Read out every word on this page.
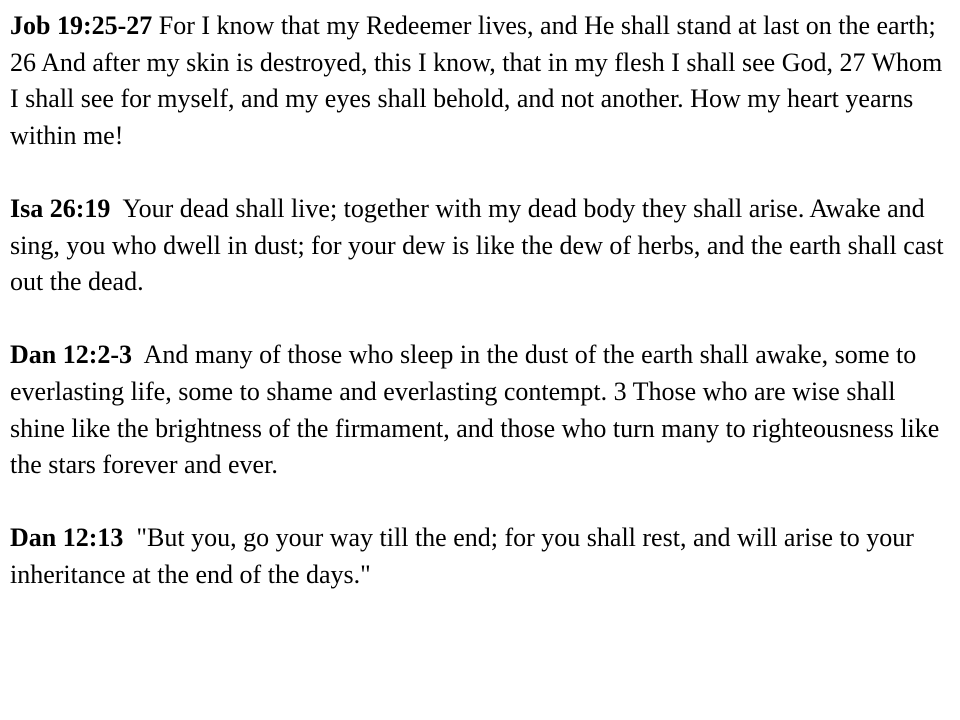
Job 19:25-27 For I know that my Redeemer lives, and He shall stand at last on the earth; 26 And after my skin is destroyed, this I know, that in my flesh I shall see God, 27 Whom I shall see for myself, and my eyes shall behold, and not another. How my heart yearns within me!

Isa 26:19  Your dead shall live; together with my dead body they shall arise. Awake and sing, you who dwell in dust; for your dew is like the dew of herbs, and the earth shall cast out the dead.

Dan 12:2-3  And many of those who sleep in the dust of the earth shall awake, some to everlasting life, some to shame and everlasting contempt. 3 Those who are wise shall shine like the brightness of the firmament, and those who turn many to righteousness like the stars forever and ever.

Dan 12:13  "But you, go your way till the end; for you shall rest, and will arise to your inheritance at the end of the days."
